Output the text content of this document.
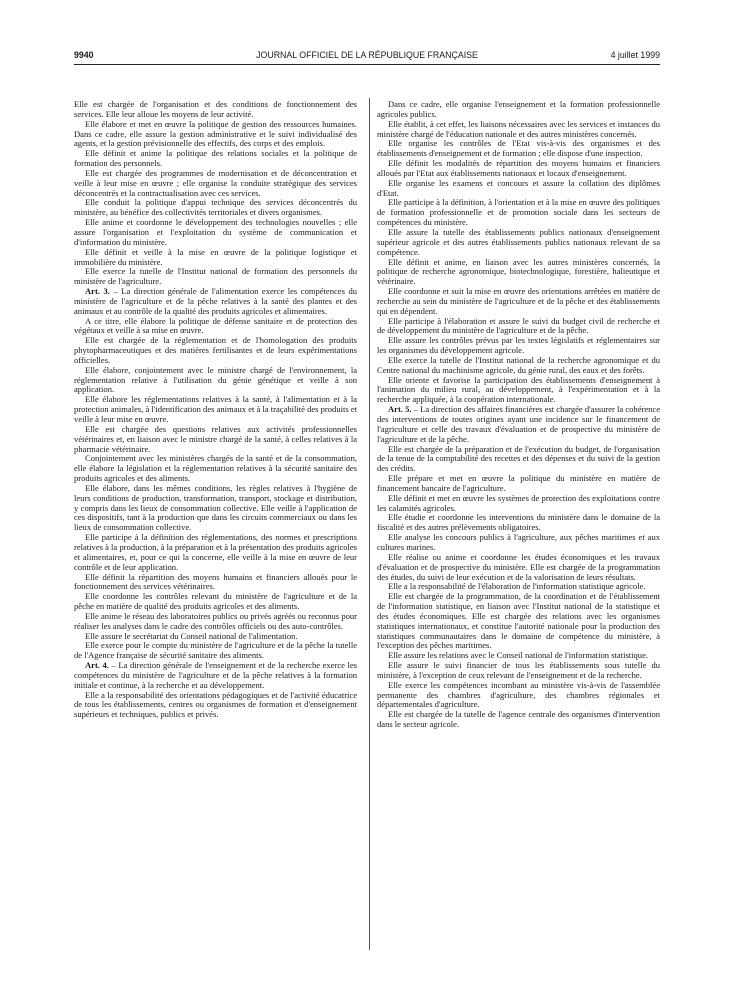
9940	JOURNAL OFFICIEL DE LA RÉPUBLIQUE FRANÇAISE	4 juillet 1999

Elle est chargée de l'organisation et des conditions de fonctionnement des services. Elle leur alloue les moyens de leur activité.

Elle élabore et met en œuvre la politique de gestion des ressources humaines. Dans ce cadre, elle assure la gestion administrative et le suivi individualisé des agents, et la gestion prévisionnelle des effectifs, des corps et des emplois.

Elle définit et anime la politique des relations sociales et la politique de formation des personnels.

Elle est chargée des programmes de modernisation et de déconcentration et veille à leur mise en œuvre ; elle organise la conduite stratégique des services déconcentrés et la contractualisation avec ces services.

Elle conduit la politique d'appui technique des services déconcentrés du ministère, au bénéfice des collectivités territoriales et divers organismes.

Elle anime et coordonne le développement des technologies nouvelles ; elle assure l'organisation et l'exploitation du système de communication et d'information du ministère.

Elle définit et veille à la mise en œuvre de la politique logistique et immobilière du ministère.

Elle exerce la tutelle de l'Institut national de formation des personnels du ministère de l'agriculture.

Art. 3. – La direction générale de l'alimentation exerce les compétences du ministère de l'agriculture et de la pêche relatives à la santé des plantes et des animaux et au contrôle de la qualité des produits agricoles et alimentaires.

A ce titre, elle élabore la politique de défense sanitaire et de protection des végétaux et veille à sa mise en œuvre.

Elle est chargée de la réglementation et de l'homologation des produits phytopharmaceutiques et des matières fertilisantes et de leurs expérimentations officielles.

Elle élabore, conjointement avec le ministre chargé de l'environnement, la réglementation relative à l'utilisation du génie génétique et veille à son application.

Elle élabore les réglementations relatives à la santé, à l'alimentation et à la protection animales, à l'identification des animaux et à la traçabilité des produits et veille à leur mise en œuvre.

Elle est chargée des questions relatives aux activités professionnelles vétérinaires et, en liaison avec le ministre chargé de la santé, à celles relatives à la pharmacie vétérinaire.

Conjointement avec les ministères chargés de la santé et de la consommation, elle élabore la législation et la réglementation relatives à la sécurité sanitaire des produits agricoles et des aliments.

Elle élabore, dans les mêmes conditions, les règles relatives à l'hygiène de leurs conditions de production, transformation, transport, stockage et distribution, y compris dans les lieux de consommation collective. Elle veille à l'application de ces dispositifs, tant à la production que dans les circuits commerciaux ou dans les lieux de consommation collective.

Elle participe à la définition des réglementations, des normes et prescriptions relatives à la production, à la préparation et à la présentation des produits agricoles et alimentaires, et, pour ce qui la concerne, elle veille à la mise en œuvre de leur contrôle et de leur application.

Elle définit la répartition des moyens humains et financiers alloués pour le fonctionnement des services vétérinaires.

Elle coordonne les contrôles relevant du ministère de l'agriculture et de la pêche en matière de qualité des produits agricoles et des aliments.

Elle anime le réseau des laboratoires publics ou privés agréés ou reconnus pour réaliser les analyses dans le cadre des contrôles officiels ou des auto-contrôles.

Elle assure le secrétariat du Conseil national de l'alimentation.

Elle exerce pour le compte du ministère de l'agriculture et de la pêche la tutelle de l'Agence française de sécurité sanitaire des aliments.

Art. 4. – La direction générale de l'enseignement et de la recherche exerce les compétences du ministère de l'agriculture et de la pêche relatives à la formation initiale et continue, à la recherche et au développement.

Elle a la responsabilité des orientations pédagogiques et de l'activité éducatrice de tous les établissements, centres ou organismes de formation et d'enseignement supérieurs et techniques, publics et privés.

Dans ce cadre, elle organise l'enseignement et la formation professionnelle agricoles publics.

Elle établit, à cet effet, les liaisons nécessaires avec les services et instances du ministère chargé de l'éducation nationale et des autres ministères concernés.

Elle organise les contrôles de l'Etat vis-à-vis des organismes et des établissements d'enseignement et de formation ; elle dispose d'une inspection.

Elle définit les modalités de répartition des moyens humains et financiers alloués par l'Etat aux établissements nationaux et locaux d'enseignement.

Elle organise les examens et concours et assure la collation des diplômes d'Etat.

Elle participe à la définition, à l'orientation et à la mise en œuvre des politiques de formation professionnelle et de promotion sociale dans les secteurs de compétences du ministère.

Elle assure la tutelle des établissements publics nationaux d'enseignement supérieur agricole et des autres établissements publics nationaux relevant de sa compétence.

Elle définit et anime, en liaison avec les autres ministères concernés, la politique de recherche agronomique, biotechnologique, forestière, halieutique et vétérinaire.

Elle coordonne et suit la mise en œuvre des orientations arrêtées en matière de recherche au sein du ministère de l'agriculture et de la pêche et des établissements qui en dépendent.

Elle participe à l'élaboration et assure le suivi du budget civil de recherche et de développement du ministère de l'agriculture et de la pêche.

Elle assure les contrôles prévus par les textes législatifs et réglementaires sur les organismes du développement agricole.

Elle exerce la tutelle de l'Institut national de la recherche agronomique et du Centre national du machinisme agricole, du génie rural, des eaux et des forêts.

Elle oriente et favorise la participation des établissements d'enseignement à l'animation du milieu rural, au développement, à l'expérimentation et à la recherche appliquée, à la coopération internationale.

Art. 5. – La direction des affaires financières est chargée d'assurer la cohérence des interventions de toutes origines ayant une incidence sur le financement de l'agriculture et celle des travaux d'évaluation et de prospective du ministère de l'agriculture et de la pêche.

Elle est chargée de la préparation et de l'exécution du budget, de l'organisation de la tenue de la comptabilité des recettes et des dépenses et du suivi de la gestion des crédits.

Elle prépare et met en œuvre la politique du ministère en matière de financement bancaire de l'agriculture.

Elle définit et met en œuvre les systèmes de protection des exploitations contre les calamités agricoles.

Elle étudie et coordonne les interventions du ministère dans le domaine de la fiscalité et des autres prélèvements obligatoires.

Elle analyse les concours publics à l'agriculture, aux pêches maritimes et aux cultures marines.

Elle réalise ou anime et coordonne les études économiques et les travaux d'évaluation et de prospective du ministère. Elle est chargée de la programmation des études, du suivi de leur exécution et de la valorisation de leurs résultats.

Elle a la responsabilité de l'élaboration de l'information statistique agricole.

Elle est chargée de la programmation, de la coordination et de l'établissement de l'information statistique, en liaison avec l'Institut national de la statistique et des études économiques. Elle est chargée des relations avec les organismes statistiques internationaux, et constitue l'autorité nationale pour la production des statistiques communautaires dans le domaine de compétence du ministère, à l'exception des pêches maritimes.

Elle assure les relations avec le Conseil national de l'information statistique.

Elle assure le suivi financier de tous les établissements sous tutelle du ministère, à l'exception de ceux relevant de l'enseignement et de la recherche.

Elle exerce les compétences incombant au ministère vis-à-vis de l'assemblée permanente des chambres d'agriculture, des chambres régionales et départementales d'agriculture.

Elle est chargée de la tutelle de l'agence centrale des organismes d'intervention dans le secteur agricole.
